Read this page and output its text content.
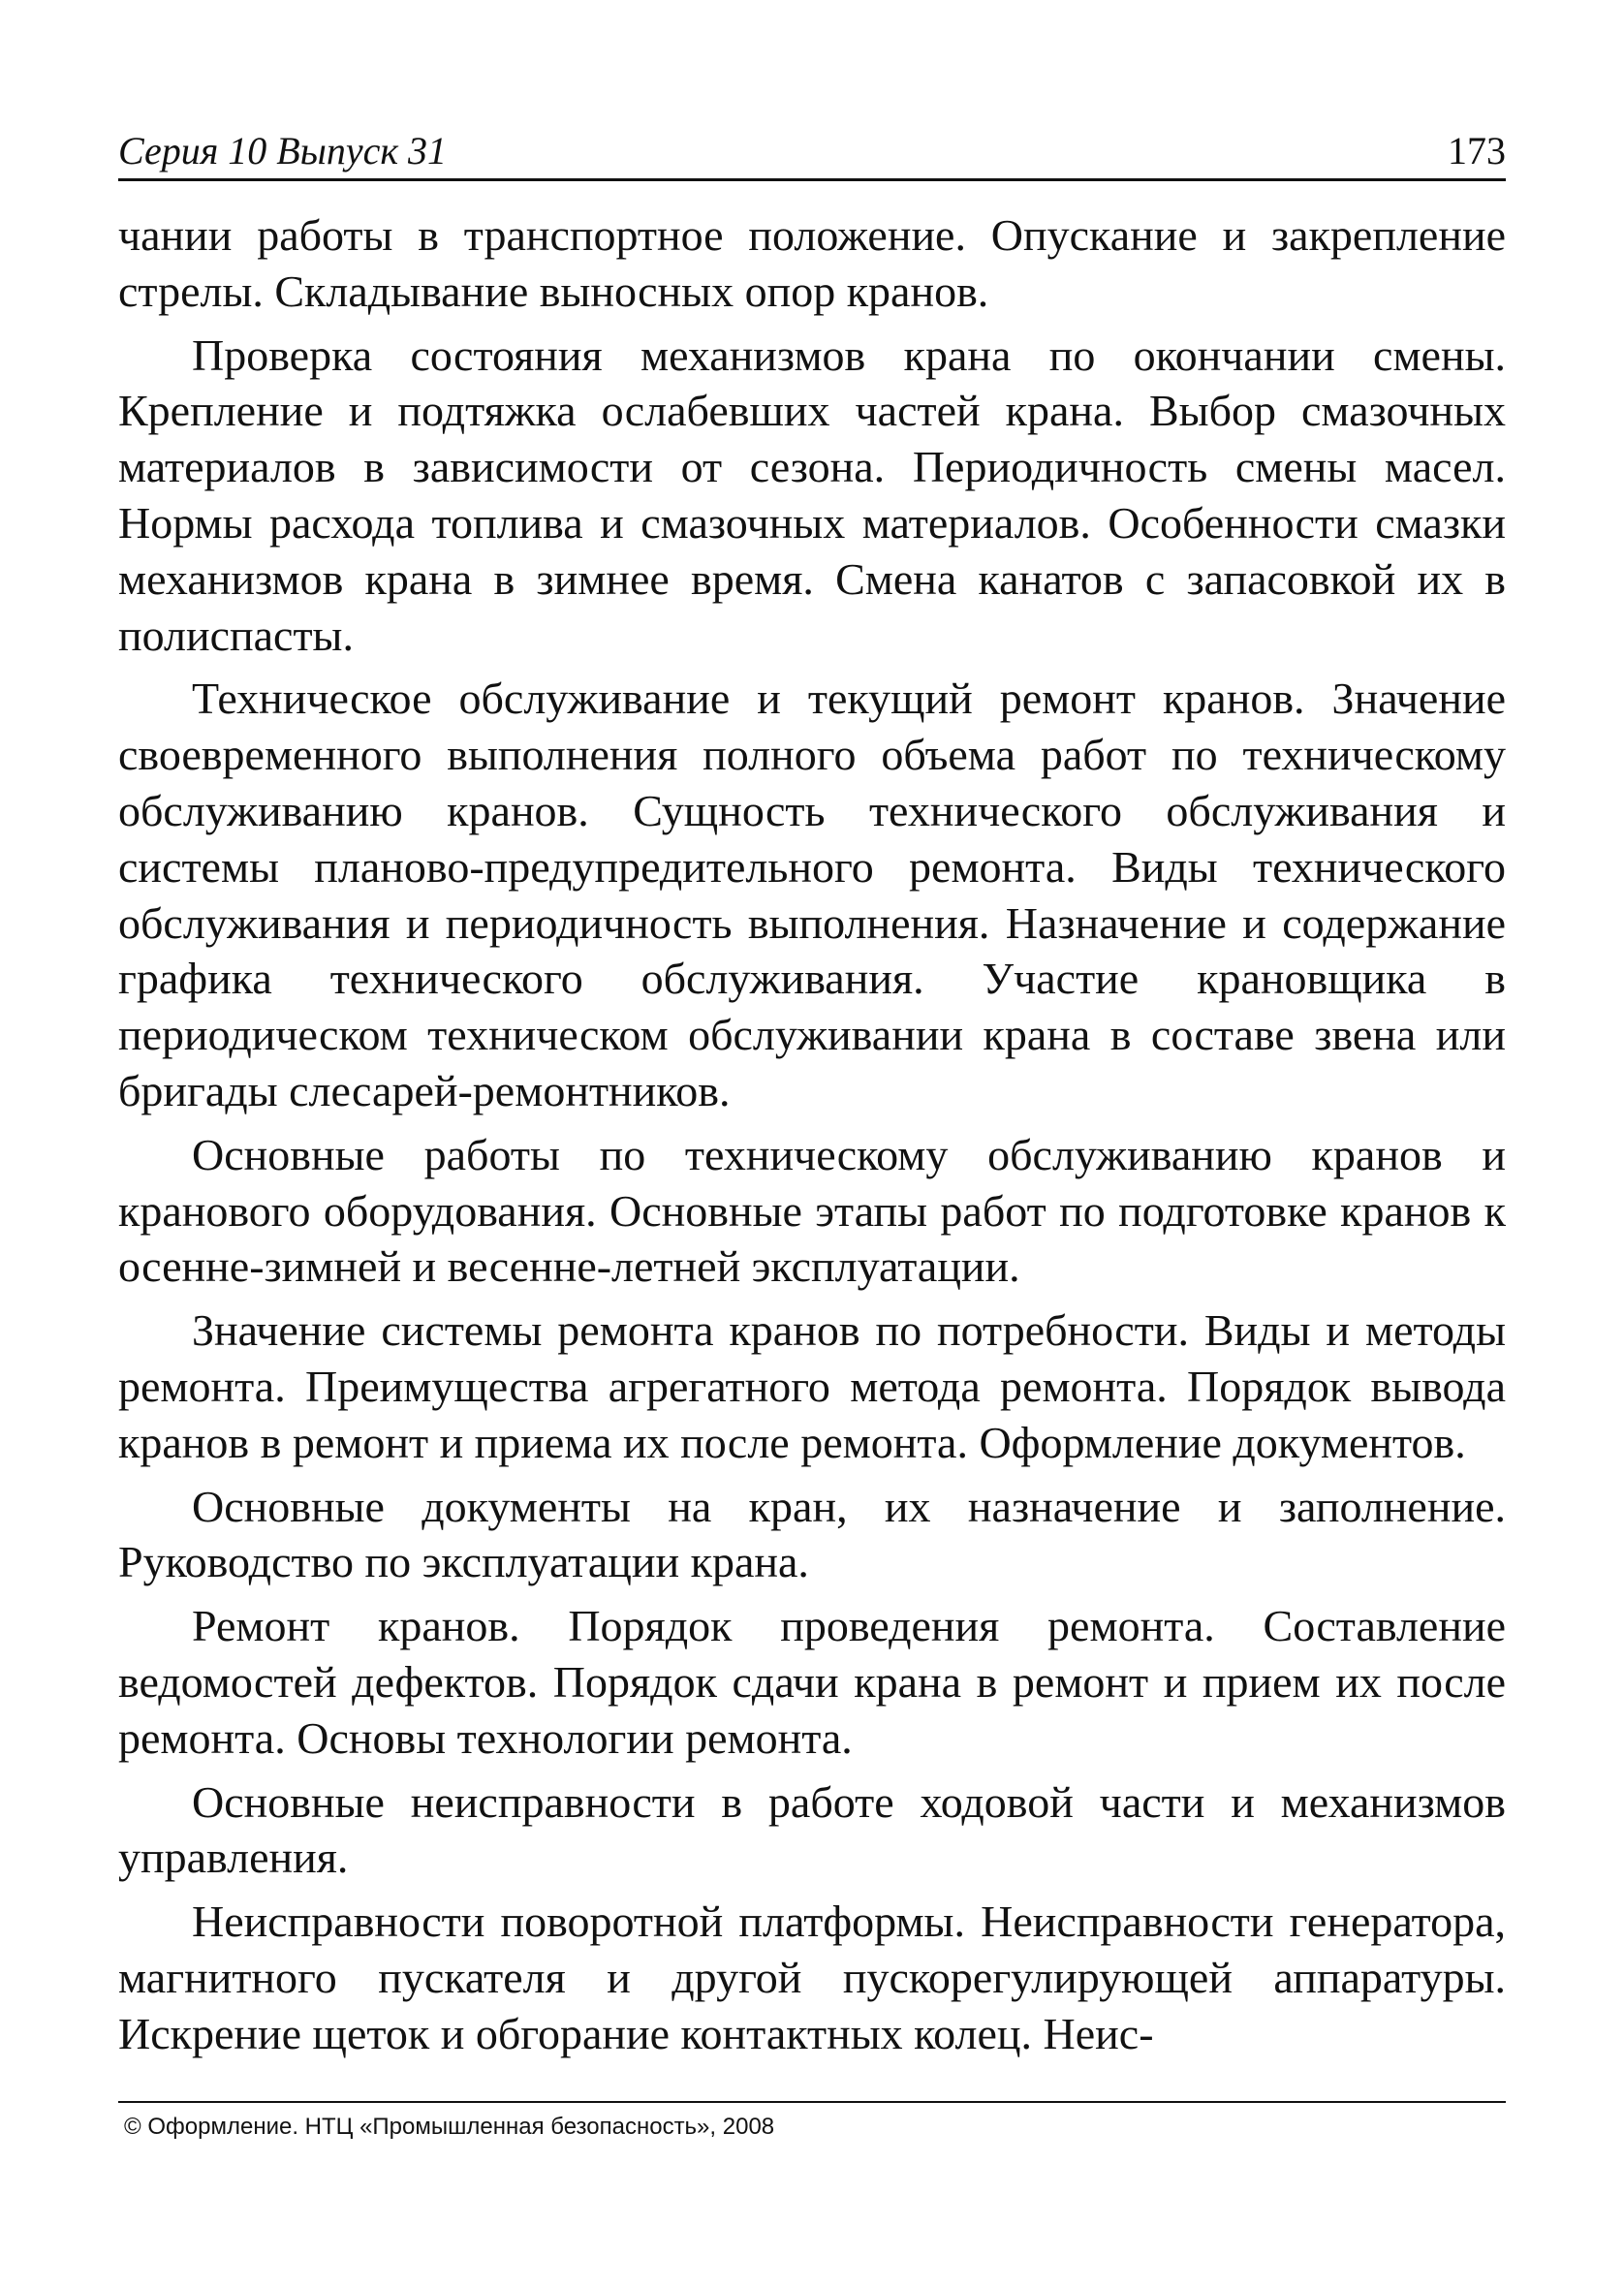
Серия 10 Выпуск 31	173

чании работы в транспортное положение. Опускание и закрепление стрелы. Складывание выносных опор кранов.

Проверка состояния механизмов крана по окончании смены. Крепление и подтяжка ослабевших частей крана. Выбор смазочных материалов в зависимости от сезона. Периодичность смены масел. Нормы расхода топлива и смазочных материалов. Особенности смазки механизмов крана в зимнее время. Смена канатов с запасовкой их в полиспасты.

Техническое обслуживание и текущий ремонт кранов. Значение своевременного выполнения полного объема работ по техническому обслуживанию кранов. Сущность технического обслуживания и системы планово-предупредительного ремонта. Виды технического обслуживания и периодичность выполнения. Назначение и содержание графика технического обслуживания. Участие крановщика в периодическом техническом обслуживании крана в составе звена или бригады слесарей-ремонтников.

Основные работы по техническому обслуживанию кранов и кранового оборудования. Основные этапы работ по подготовке кранов к осенне-зимней и весенне-летней эксплуатации.

Значение системы ремонта кранов по потребности. Виды и методы ремонта. Преимущества агрегатного метода ремонта. Порядок вывода кранов в ремонт и приема их после ремонта. Оформление документов.

Основные документы на кран, их назначение и заполнение. Руководство по эксплуатации крана.

Ремонт кранов. Порядок проведения ремонта. Составление ведомостей дефектов. Порядок сдачи крана в ремонт и прием их после ремонта. Основы технологии ремонта.

Основные неисправности в работе ходовой части и механизмов управления.

Неисправности поворотной платформы. Неисправности генератора, магнитного пускателя и другой пускорегулирующей аппаратуры. Искрение щеток и обгорание контактных колец. Неис-

© Оформление. НТЦ «Промышленная безопасность», 2008
